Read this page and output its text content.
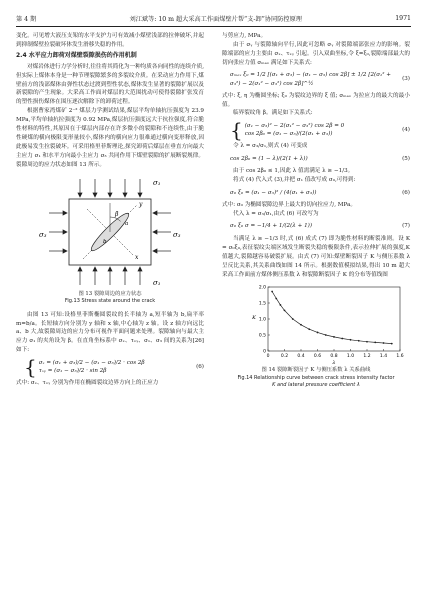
第 4 期	刘江斌等: 10 m 超大采高工作面煤壁片帮“支-卸”协同防控原理	1971

变化。可见增大液压支架的水平支护力可有效减小煤壁浅部的拉伸破坏,并起到抑制煤壁拉裂破坏体发生滑移失稳的作用。

2.4 水平应力卸荷对煤壁裂隙损伤的作用机制

对煤岩体进行力学分析时,往往将其简化为一种均质各向同性的连续介质,但实际上煤体本身是一种节理裂隙繁多的多裂纹介质。在采动应力作用下,煤壁前方的浅部煤体由弹性状态过渡到塑性状态,煤体发生显著的裂隙扩展以及新裂隙的产生现象。大采高工作面对煤层的大范围扰动可使得裂隙扩张发育的塑性损伤煤体在围压逐次解除下的卸荷过程。

根据曹家湾煤矿 2⁻² 煤层力学测试结果,煤层平均单轴抗压强度为 23.9 MPa,平均单轴抗拉强度为 0.92 MPa,煤层抗压强度远大于抗拉强度,符合脆性材料的特性,其原因在于煤层内部存在许多微小的裂隙和不连续性,由于脆性硬煤的横向极限变形量较小,煤体内的横向应力很难通过横向变形释放,因此极易发生拉裂破坏。可采用格里菲斯理论,探究卸荷后煤层在垂直方向最大主应力 σ₁ 和水平方向最小主应力 σ₃ 共同作用下煤壁裂隙的扩展断裂规律。裂隙周边的应力状态如图 13 所示。

σ₁
σ₁
σ₃	σ₃
y
x
β
a
b
图 13 裂隙周边的应力状态
Fig.13 Stress state around the crack

由图 13 可知:设格里菲斯椭圆裂纹的长半轴为 a,短半轴为 b,扁平率 m=b/a。长短轴方向分别为 y 轴和 x 轴,中心轴为 z 轴。设 z 轴方向远比 a、b 大,故裂隙周边的应力分布可视作平面问题来处理。裂隙轴向与最大主应力 σ₁ 的夹角设为 β。在直角坐标系中 σₓ、τₓᵧ、σ₁、σ₃ 间的关系为[26]如下:

{ σₓ = (σ₁ + σ₃)/2 − (σ₁ − σ₃)/2 · cos 2β
τₓᵧ = (σ₁ − σ₃)/2 · sin 2β
(6)

式中: σₓ、τₓᵧ 分别为作用在椭圆裂纹边界方向上的正应力

与剪应力, MPa。

由于 σᵧ 与裂隙轴向平行,因此可忽略 σᵧ 对裂隙端部张应力的影响。裂隙端部的应力主要由 σₓ、τₓᵧ 引起。引入双曲坐标,令 ξ=ξ₀,裂隙端部最大的切向张应力值 σₘₐₓ 满足如下关系式:

σₘₐₓ ξ₀ = 1/2 [(σ₁ + σ₃) − (σ₁ − σ₃) cos 2β] ± 1/2 [2(σ₁² + σ₃²) − 2(σ₁² − σ₃²) cos 2β]^½
(3)

式中: ξ, η 为椭圆坐标; ξ₀ 为裂纹边界的 ξ 值; σₘₐₓ 为拉应力的最大的最小值。

临界裂纹角 β。满足如下关系式:

{ (σ₁ − σ₃)² − 2(σ₁² − σ₃²) cos 2β = 0
cos 2β₀ = (σ₁ − σ₃)/(2(σ₁ + σ₃))
(4)

令 λ = σ₃/σ₁,则式 (4) 可变成

cos 2β₀ = (1 − λ)/(2(1 + λ))	(5)

由于 cos 2β₀ ≤ 1,因此 λ 值需满足 λ ≥ −1/3。

将式 (4) 代入式 (3),并把 σ₁ 值改写成 σ₀,可得到:

σ₀ ξ₀ = (σ₁ − σ₃)² / (4(σ₁ + σ₃))	(6)

式中: σ₀ 为椭圆裂隙边界上最大的切向拉应力, MPa。

代入 λ = σ₃/σ₁,由式 (6) 可改写为

σ₀ ξ₀ σ = −1/4 + 1/(2(λ + 1))	(7)

当满足 λ ≥ −1/3 时,式 (6) 成式 (7) 即为脆性材料的断裂准则。设 K = σ₀ξ₀,表征裂纹尖端区域发生断裂失稳的极限条件,表示拉伸扩展的强度,K 值越大,裂隙越容易破裂扩展。由式 (7) 可知:煤壁断裂因子 K 与侧压系数 λ 呈反比关系,其关系曲线如图 14 所示。根据数值模拟结果,得出 10 m 超大采高工作面前方煤体侧压系数 λ 和裂隙断裂因子 K 的分布等值线图

0	0.2 0.4 0.6 0.8 1.0 1.2 1.4 1.6
0
0.5
1.0
1.5
2.0
λ
K
图 14 裂隙断裂因子 K 与侧压系数 λ 关系曲线
Fig.14 Relationship curve between crack stress intensity factor
K and lateral pressure coefficient λ
